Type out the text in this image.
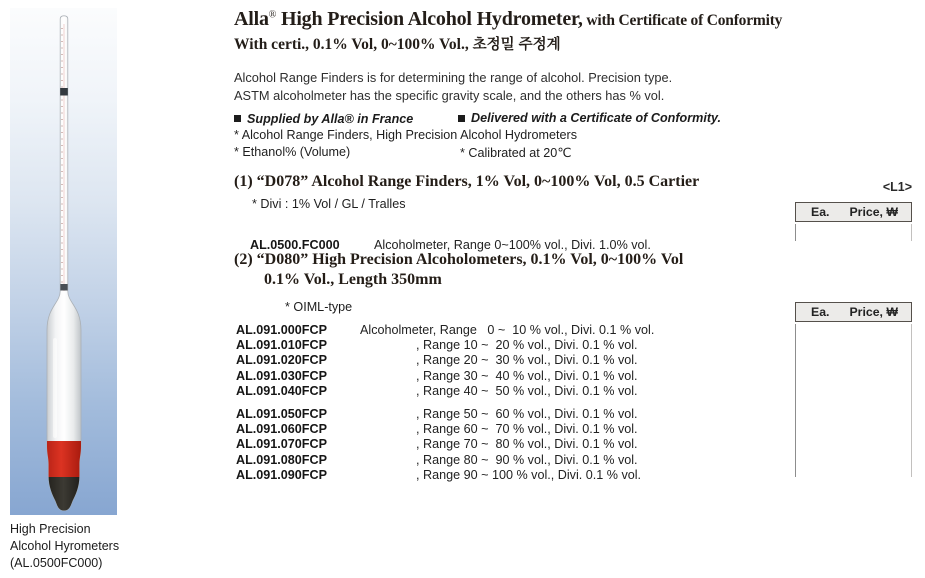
High Precision
Alcohol Hyrometers
(AL.0500FC000)
Alla® High Precision Alcohol Hydrometer, with Certificate of Conformity
With certi., 0.1% Vol, 0~100% Vol., 초정밀 주정계

Alcohol Range Finders is for determining the range of alcohol. Precision type.
ASTM alcoholmeter has the specific gravity scale, and the others has % vol.

Supplied by Alla® in France	Delivered with a Certificate of Conformity.
* Alcohol Range Finders, High Precision Alcohol Hydrometers
* Ethanol% (Volume)	* Calibrated at 20℃
(1) “D078” Alcohol Range Finders, 1% Vol, 0~100% Vol, 0.5 Cartier
* Divi : 1% Vol / GL / Tralles

AL.0500.FC000	Alcoholmeter, Range 0~100% vol., Divi. 1.0% vol.

(2) “D080” High Precision Alcoholometers, 0.1% Vol, 0~100% Vol
0.1% Vol., Length 350mm
* OIML-type
AL.091.000FCP	Alcoholmeter, Range   0 ~  10 % vol., Divi. 0.1 % vol.
AL.091.010FCP	, Range 10 ~  20 % vol., Divi. 0.1 % vol.
AL.091.020FCP	, Range 20 ~  30 % vol., Divi. 0.1 % vol.
AL.091.030FCP	, Range 30 ~  40 % vol., Divi. 0.1 % vol.
AL.091.040FCP	, Range 40 ~  50 % vol., Divi. 0.1 % vol.
AL.091.050FCP	, Range 50 ~  60 % vol., Divi. 0.1 % vol.
AL.091.060FCP	, Range 60 ~  70 % vol., Divi. 0.1 % vol.
AL.091.070FCP	, Range 70 ~  80 % vol., Divi. 0.1 % vol.
AL.091.080FCP	, Range 80 ~  90 % vol., Divi. 0.1 % vol.
AL.091.090FCP	, Range 90 ~ 100 % vol., Divi. 0.1 % vol.
<L1>
Ea. Price, ₩
Ea. Price, ₩
